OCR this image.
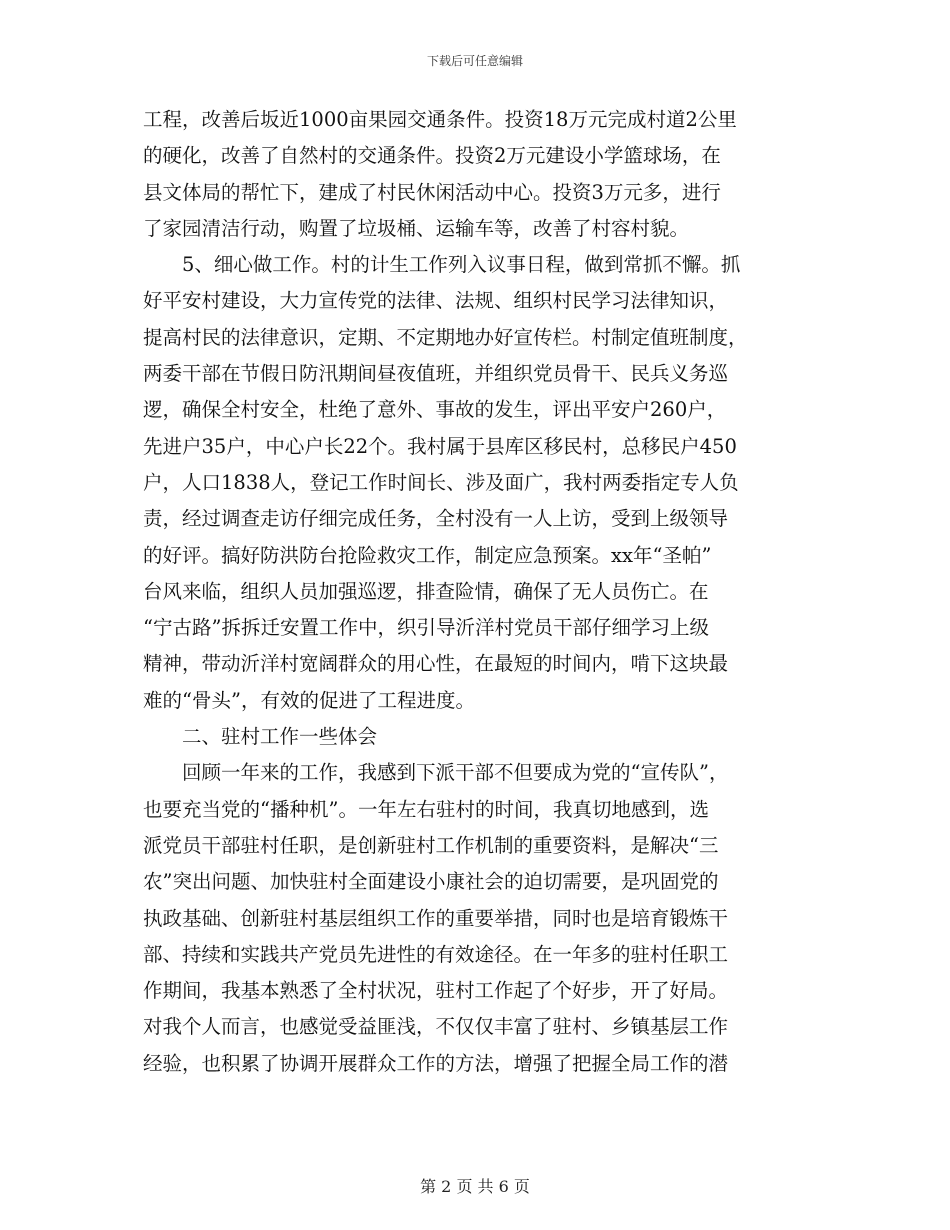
下载后可任意编辑
工程，改善后坂近1000亩果园交通条件。投资18万元完成村道2公里
的硬化，改善了自然村的交通条件。投资2万元建设小学篮球场，在
县文体局的帮忙下，建成了村民休闲活动中心。投资3万元多，进行
了家园清洁行动，购置了垃圾桶、运输车等，改善了村容村貌。
　　5、细心做工作。村的计生工作列入议事日程，做到常抓不懈。抓
好平安村建设，大力宣传党的法律、法规、组织村民学习法律知识，
提高村民的法律意识，定期、不定期地办好宣传栏。村制定值班制度，
两委干部在节假日防汛期间昼夜值班，并组织党员骨干、民兵义务巡
逻，确保全村安全，杜绝了意外、事故的发生，评出平安户260户，
先进户35户，中心户长22个。我村属于县库区移民村，总移民户450
户，人口1838人，登记工作时间长、涉及面广，我村两委指定专人负
责，经过调查走访仔细完成任务，全村没有一人上访，受到上级领导
的好评。搞好防洪防台抢险救灾工作，制定应急预案。xx年“圣帕”
台风来临，组织人员加强巡逻，排查险情，确保了无人员伤亡。在
“宁古路”拆拆迁安置工作中，织引导沂洋村党员干部仔细学习上级
精神，带动沂洋村宽阔群众的用心性，在最短的时间内，啃下这块最
难的“骨头”，有效的促进了工程进度。
　　二、驻村工作一些体会
　　回顾一年来的工作，我感到下派干部不但要成为党的“宣传队”，
也要充当党的“播种机”。一年左右驻村的时间，我真切地感到，选
派党员干部驻村任职，是创新驻村工作机制的重要资料，是解决“三
农”突出问题、加快驻村全面建设小康社会的迫切需要，是巩固党的
执政基础、创新驻村基层组织工作的重要举措，同时也是培育锻炼干
部、持续和实践共产党员先进性的有效途径。在一年多的驻村任职工
作期间，我基本熟悉了全村状况，驻村工作起了个好步，开了好局。
对我个人而言，也感觉受益匪浅，不仅仅丰富了驻村、乡镇基层工作
经验，也积累了协调开展群众工作的方法，增强了把握全局工作的潜
第 2 页 共 6 页
